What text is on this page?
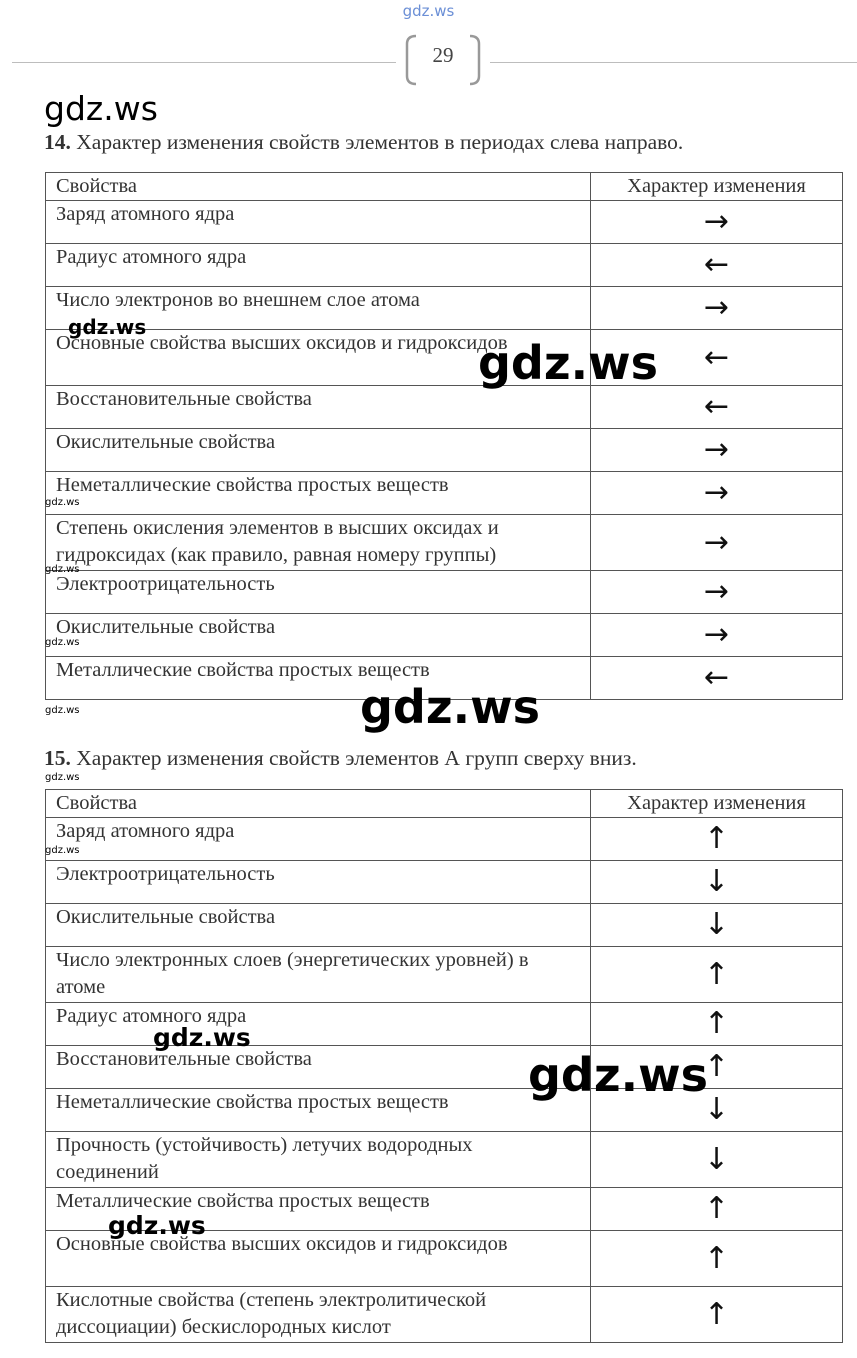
gdz.ws
29
gdz.ws
14. Характер изменения свойств элементов в периодах слева направо.
Свойства	Характер изменения
Заряд атомного ядра	→
Радиус атомного ядра	←
Число электронов во внешнем слое атома	→
Основные свойства высших оксидов и гидроксидов	←
Восстановительные свойства	←
Окислительные свойства	→
Неметаллические свойства простых веществ	→
Степень окисления элементов в высших оксидах и гидроксидах (как правило, равная номеру группы)	→
Электроотрицательность	→
Окислительные свойства	→
Металлические свойства простых веществ	←
gdz.ws
gdz.ws
gdz.ws
gdz.ws
gdz.ws
gdz.ws	gdz.ws
15. Характер изменения свойств элементов А групп сверху вниз.
gdz.ws
Свойства	Характер изменения
Заряд атомного ядра	↑
Электроотрицательность	↓
Окислительные свойства	↓
Число электронных слоев (энергетических уровней) в атоме	↑
Радиус атомного ядра	↑
Восстановительные свойства	↑
Неметаллические свойства простых веществ	↓
Прочность (устойчивость) летучих водородных соединений	↓
Металлические свойства простых веществ	↑
Основные свойства высших оксидов и гидроксидов	↑
Кислотные свойства (степень электролитической диссоциации) бескислородных кислот	↑
gdz.ws
gdz.ws
gdz.ws
gdz.ws
